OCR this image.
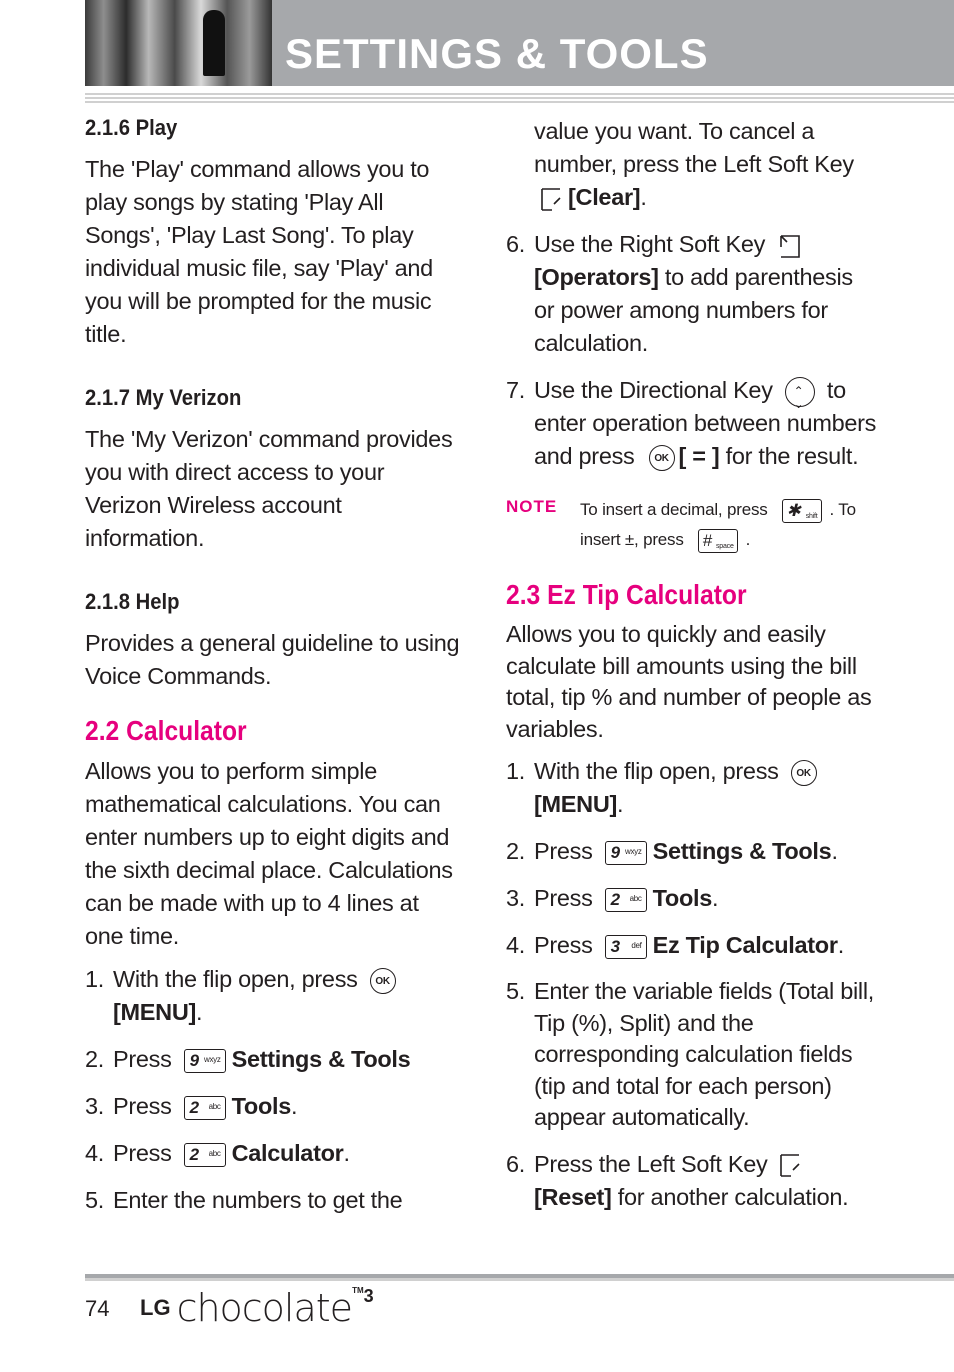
SETTINGS & TOOLS
2.1.6 Play

The 'Play' command allows you to play songs by stating 'Play All Songs', 'Play Last Song'. To play individual music file, say 'Play' and you will be prompted for the music title.

2.1.7 My Verizon

The 'My Verizon' command provides you with direct access to your Verizon Wireless account information.

2.1.8 Help

Provides a general guideline to using Voice Commands.

2.2 Calculator

Allows you to perform simple mathematical calculations. You can enter numbers up to eight digits and the sixth decimal place. Calculations can be made with up to 4 lines at one time.

1. With the flip open, press OK
[MENU].
2. Press 9 wxyz Settings & Tools
3. Press 2 abc Tools.
4. Press 2 abc Calculator.
5. Enter the numbers to get the

value you want. To cancel a number, press the Left Soft Key

[Clear].

6. Use the Right Soft Key

[Operators] to add parenthesis or power among numbers for calculation.
7. Use the Directional Key⌃ ⌄ to enter operation between numbers and press OK [ = ] for the result.
NOTE To insert a decimal, press ✱ shift . To insert ±, press # space .
2.3 Ez Tip Calculator

Allows you to quickly and easily calculate bill amounts using the bill total, tip % and number of people as variables.

1. With the flip open, press OK
[MENU].
2. Press 9 wxyz Settings & Tools.
3. Press 2 abc Tools.
4. Press 3 def Ez Tip Calculator.
5. Enter the variable fields (Total bill, Tip (%), Split) and the corresponding calculation fields (tip and total for each person) appear automatically.
6. Press the Left Soft Key

[Reset] for another calculation.
74 LG chocolate™3
